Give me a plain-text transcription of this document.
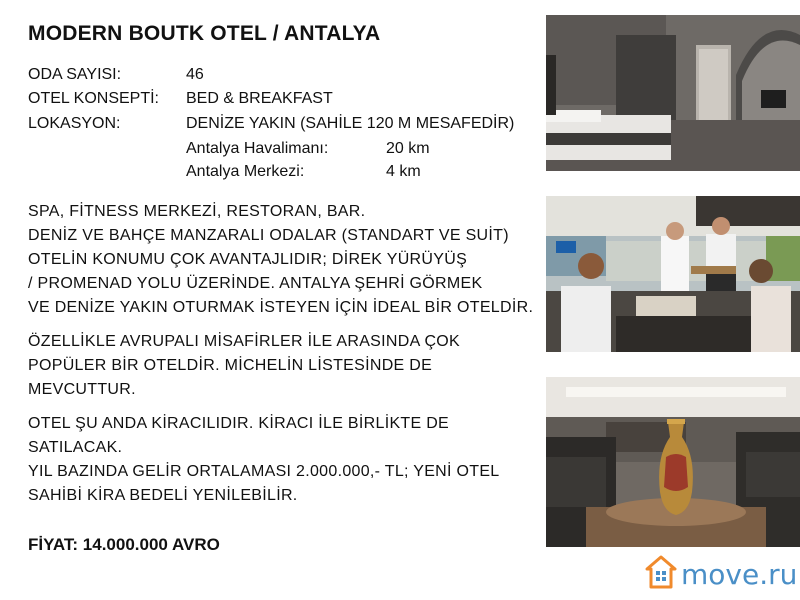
MODERN BOUTK OTEL / ANTALYA
ODA SAYISI:	46
OTEL KONSEPTİ: BED & BREAKFAST
LOKASYON:	DENİZE YAKIN (SAHİLE 120 M MESAFEDİR)
Antalya Havalimanı:	20 km
Antalya Merkezi:	4 km

SPA, FİTNESS MERKEZİ, RESTORAN, BAR.

DENİZ VE BAHÇE MANZARALI ODALAR (STANDART VE SUİT)

OTELİN KONUMU ÇOK AVANTAJLIDIR; DİREK YÜRÜYÜŞ

/ PROMENAD YOLU ÜZERİNDE. ANTALYA ŞEHRİ GÖRMEK

VE DENİZE YAKIN OTURMAK İSTEYEN İÇİN İDEAL BİR OTELDİR.

ÖZELLİKLE AVRUPALI MİSAFİRLER İLE ARASINDA ÇOK

POPÜLER BİR OTELDİR. MİCHELİN LİSTESİNDE DE

MEVCUTTUR.

OTEL ŞU ANDA KİRACILIDIR. KİRACI İLE BİRLİKTE DE

SATILACAK.

YIL BAZINDA GELİR ORTALAMASI 2.000.000,- TL; YENİ OTEL

SAHİBİ KİRA BEDELİ YENİLEBİLİR.

FİYAT: 14.000.000 AVRO
move.ru
